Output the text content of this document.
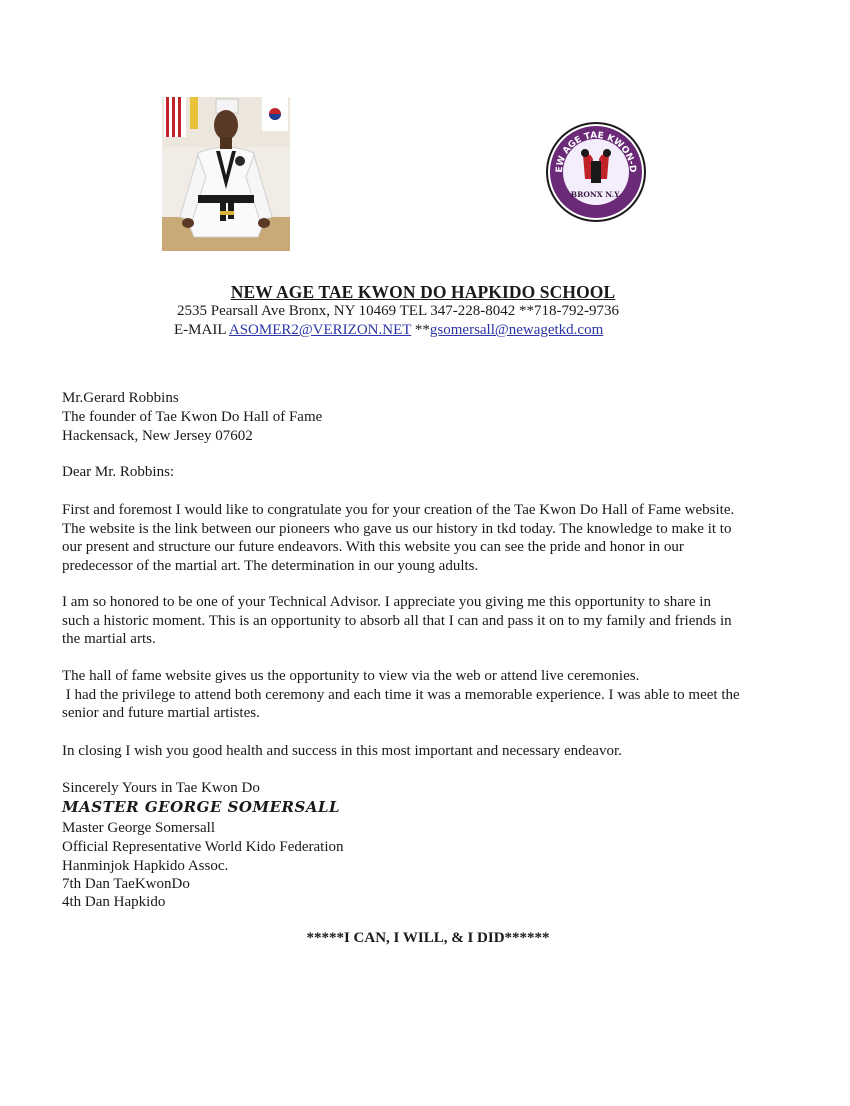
EW AGE TAE KWON-D
BRONX N.Y.
NEW AGE TAE KWON DO HAPKIDO SCHOOL
2535 Pearsall Ave Bronx, NY 10469 TEL 347-228-8042 **718-792-9736
E-MAIL ASOMER2@VERIZON.NET **gsomersall@newagetkd.com
Mr.Gerard Robbins
The founder of Tae Kwon Do Hall of Fame
Hackensack, New Jersey 07602
Dear Mr. Robbins:
First and foremost I would like to congratulate you for your creation of the Tae Kwon Do Hall of Fame website.
The website is the link between our pioneers who gave us our history in tkd today. The knowledge to make it to
our present and structure our future endeavors. With this website you can see the pride and honor in our
predecessor of the martial art. The determination in our young adults.
I am so honored to be one of your Technical Advisor. I appreciate you giving me this opportunity to share in
such a historic moment. This is an opportunity to absorb all that I can and pass it on to my family and friends in
the martial arts.
The hall of fame website gives us the opportunity to view via the web or attend live ceremonies.
I had the privilege to attend both ceremony and each time it was a memorable experience. I was able to meet the
senior and future martial artistes.
In closing I wish you good health and success in this most important and necessary endeavor.
Sincerely Yours in Tae Kwon Do
MASTER GEORGE SOMERSALL
Master George Somersall
Official Representative World Kido Federation
Hanminjok Hapkido Assoc.
7th Dan TaeKwonDo
4th Dan Hapkido
*****I CAN, I WILL, & I DID******
